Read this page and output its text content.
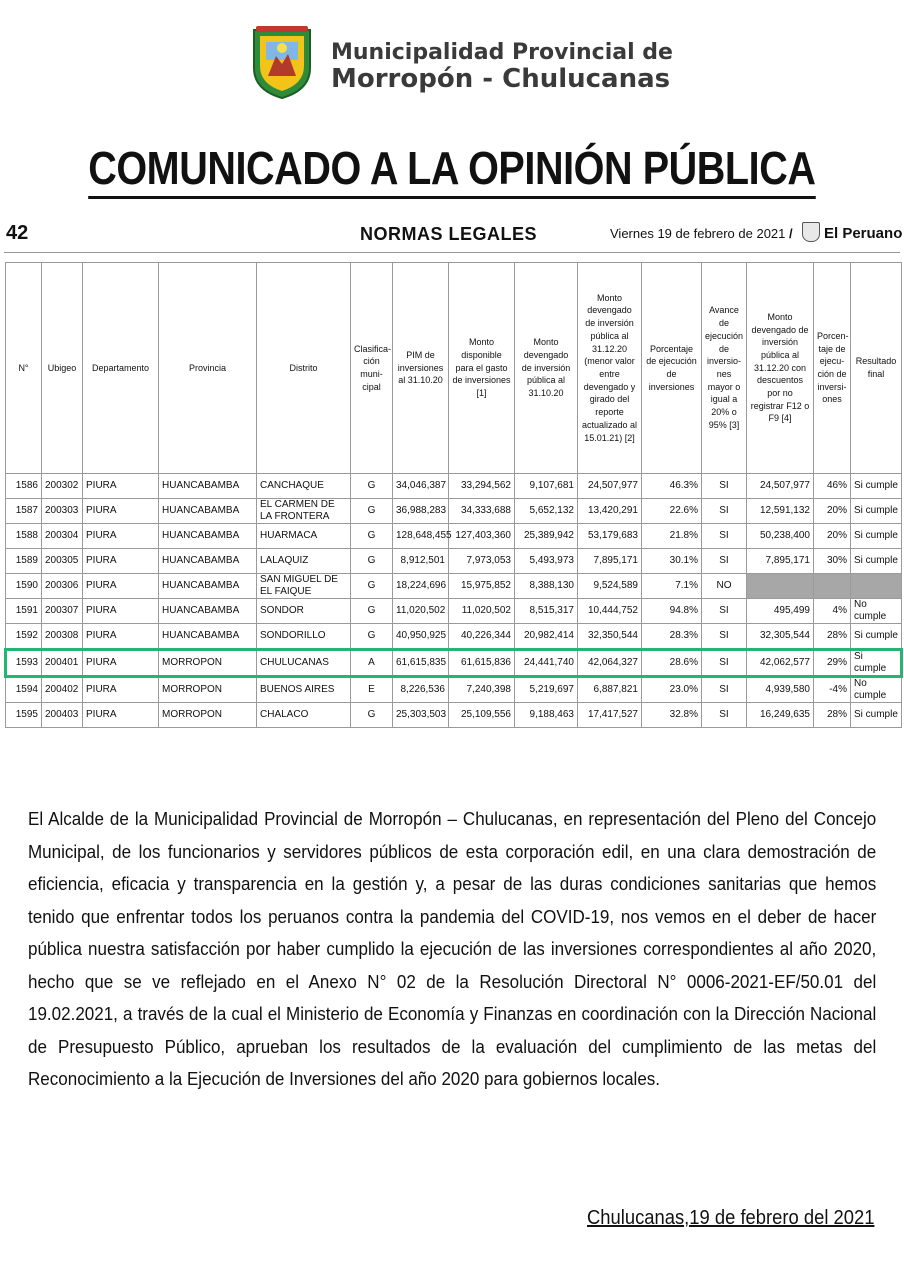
Municipalidad Provincial de
Morropón - Chulucanas
COMUNICADO A LA OPINIÓN PÚBLICA
42	NORMAS LEGALES	Viernes 19 de febrero de 2021 /	El Peruano
N°	Ubigeo	Departamento	Provincia	Distrito	Clasifica-ción muni-cipal	PIM de inversiones al 31.10.20	Monto disponible para el gasto de inversiones [1]	Monto devengado de inversión pública al 31.10.20	Monto devengado de inversión pública al 31.12.20 (menor valor entre devengado y girado del reporte actualizado al 15.01.21) [2]	Porcentaje de ejecución de inversiones	Avance de ejecución de inversio-nes mayor o igual a 20% o 95% [3]	Monto devengado de inversión pública al 31.12.20 con descuentos por no registrar F12 o F9 [4]	Porcen-taje de ejecu-ción de inversi-ones	Resultado final
1586	200302	PIURA	HUANCABAMBA	CANCHAQUE	G	34,046,387	33,294,562	9,107,681	24,507,977	46.3%	SI	24,507,977	46%	Si cumple
1587	200303	PIURA	HUANCABAMBA	EL CARMEN DE LA FRONTERA	G	36,988,283	34,333,688	5,652,132	13,420,291	22.6%	SI	12,591,132	20%	Si cumple
1588	200304	PIURA	HUANCABAMBA	HUARMACA	G	128,648,455	127,403,360	25,389,942	53,179,683	21.8%	SI	50,238,400	20%	Si cumple
1589	200305	PIURA	HUANCABAMBA	LALAQUIZ	G	8,912,501	7,973,053	5,493,973	7,895,171	30.1%	SI	7,895,171	30%	Si cumple
1590	200306	PIURA	HUANCABAMBA	SAN MIGUEL DE EL FAIQUE	G	18,224,696	15,975,852	8,388,130	9,524,589	7.1%	NO			
1591	200307	PIURA	HUANCABAMBA	SONDOR	G	11,020,502	11,020,502	8,515,317	10,444,752	94.8%	SI	495,499	4%	No cumple
1592	200308	PIURA	HUANCABAMBA	SONDORILLO	G	40,950,925	40,226,344	20,982,414	32,350,544	28.3%	SI	32,305,544	28%	Si cumple
1593	200401	PIURA	MORROPON	CHULUCANAS	A	61,615,835	61,615,836	24,441,740	42,064,327	28.6%	SI	42,062,577	29%	Si cumple
1594	200402	PIURA	MORROPON	BUENOS AIRES	E	8,226,536	7,240,398	5,219,697	6,887,821	23.0%	SI	4,939,580	-4%	No cumple
1595	200403	PIURA	MORROPON	CHALACO	G	25,303,503	25,109,556	9,188,463	17,417,527	32.8%	SI	16,249,635	28%	Si cumple
El Alcalde de la Municipalidad Provincial de Morropón – Chulucanas, en representación del Pleno del Concejo Municipal, de los funcionarios y servidores públicos de esta corporación edil, en una clara demostración de eficiencia, eficacia y transparencia en la gestión y, a pesar de las duras condiciones sanitarias que hemos tenido que enfrentar todos los peruanos contra la pandemia del COVID-19, nos vemos en el deber de hacer pública nuestra satisfacción por haber cumplido la ejecución de las inversiones correspondientes al año 2020, hecho que se ve reflejado en el Anexo N° 02 de la Resolución Directoral N° 0006-2021-EF/50.01 del 19.02.2021, a través de la cual el Ministerio de Economía y Finanzas en coordinación con la Dirección Nacional de Presupuesto Público, aprueban los resultados de la evaluación del cumplimiento de las metas del Reconocimiento a la Ejecución de Inversiones del año 2020 para gobiernos locales.
Chulucanas,19 de febrero del 2021
